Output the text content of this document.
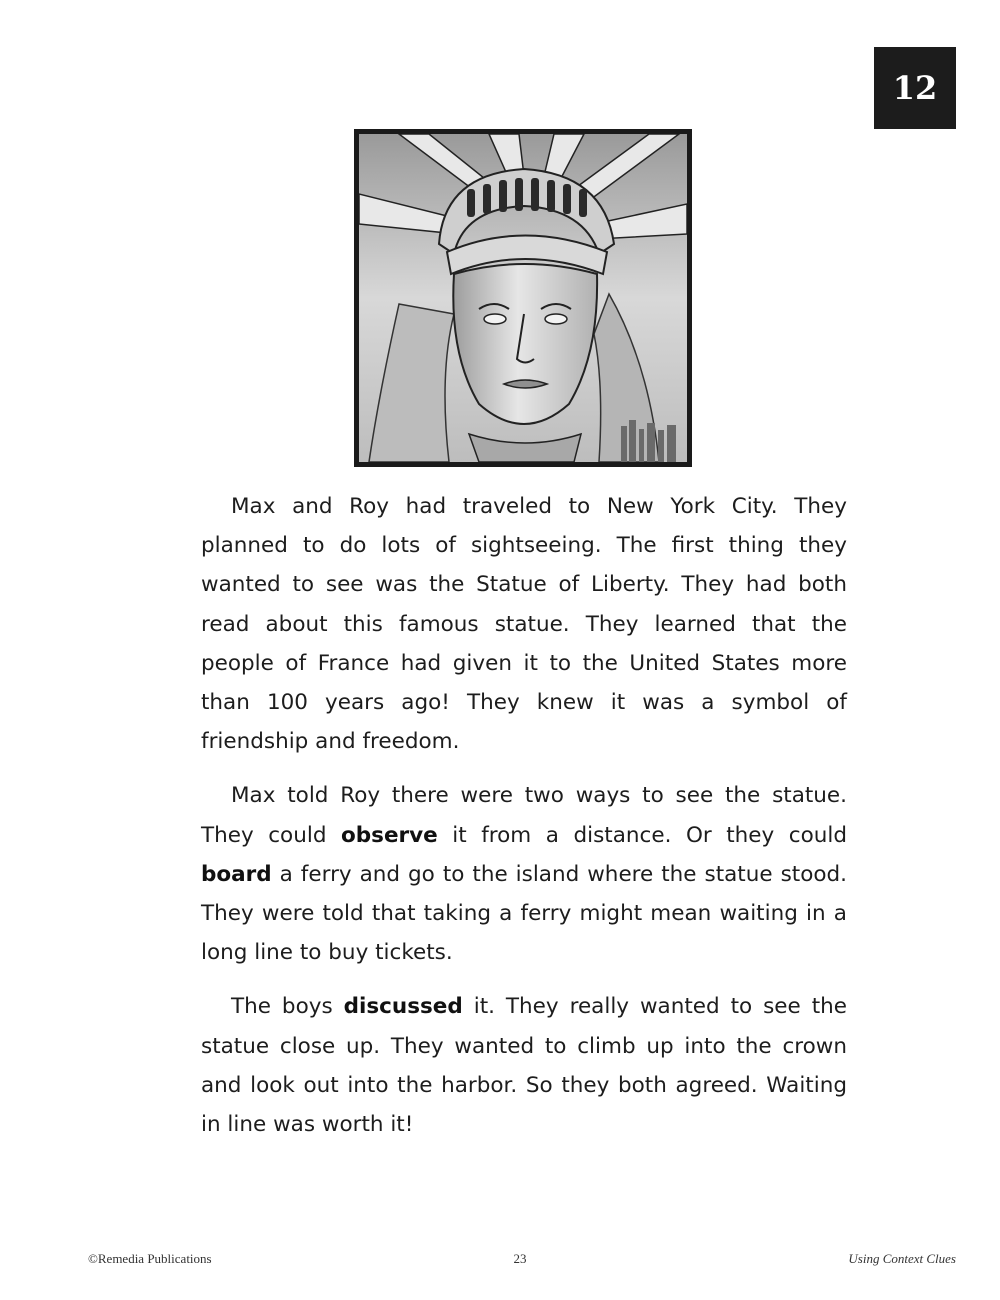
12

Max and Roy had traveled to New York City. They planned to do lots of sightseeing. The first thing they wanted to see was the Statue of Liberty. They had both read about this famous statue. They learned that the people of France had given it to the United States more than 100 years ago! They knew it was a symbol of friendship and freedom.

Max told Roy there were two ways to see the statue. They could observe it from a distance. Or they could board a ferry and go to the island where the statue stood. They were told that taking a ferry might mean waiting in a long line to buy tickets.

The boys discussed it. They really wanted to see the statue close up. They wanted to climb up into the crown and look out into the harbor. So they both agreed. Waiting in line was worth it!

©Remedia Publications	23	Using Context Clues
